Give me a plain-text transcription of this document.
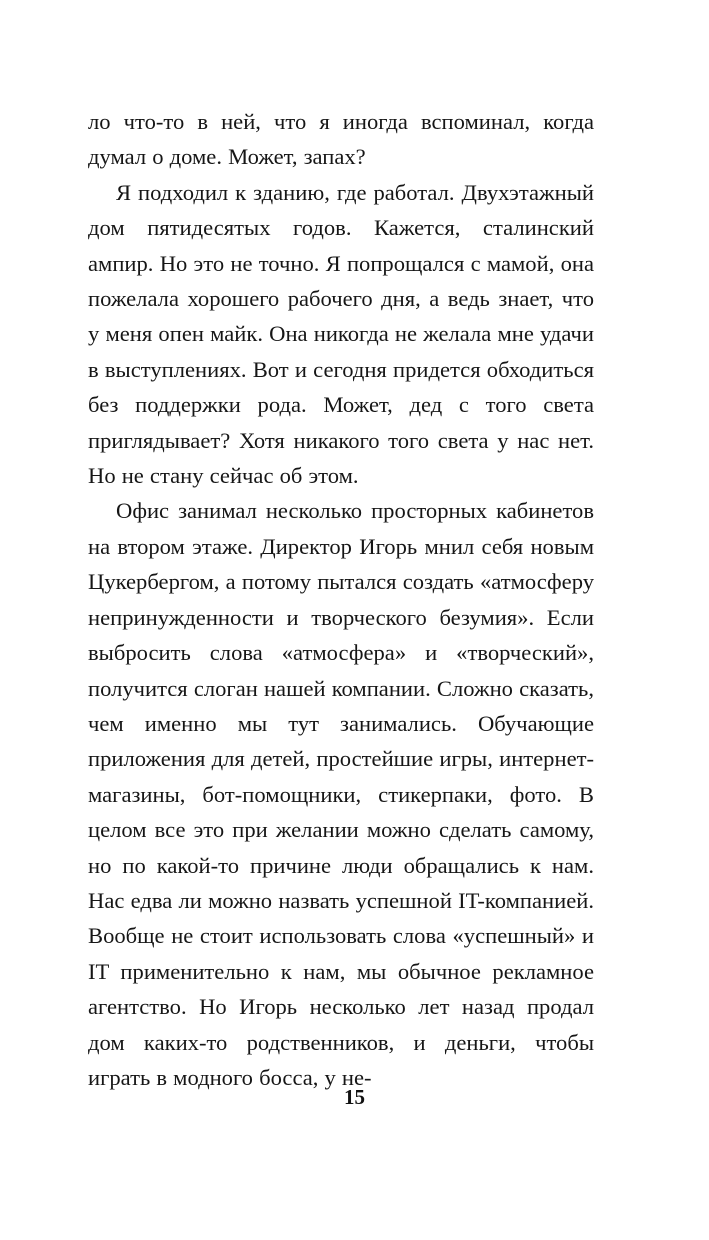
ло что-то в ней, что я иногда вспоминал, когда думал о доме. Может, запах?

Я подходил к зданию, где работал. Двухэтажный дом пятидесятых годов. Кажется, сталинский ампир. Но это не точно. Я попрощался с мамой, она пожелала хорошего рабочего дня, а ведь знает, что у меня опен майк. Она никогда не желала мне удачи в выступлениях. Вот и сегодня придется обходиться без поддержки рода. Может, дед с того света приглядывает? Хотя никакого того света у нас нет. Но не стану сейчас об этом.

Офис занимал несколько просторных кабинетов на втором этаже. Директор Игорь мнил себя новым Цукербергом, а потому пытался создать «атмосферу непринужденности и творческого безумия». Если выбросить слова «атмосфера» и «творческий», получится слоган нашей компании. Сложно сказать, чем именно мы тут занимались. Обучающие приложения для детей, простейшие игры, интернет-магазины, бот-помощники, стикерпаки, фото. В целом все это при желании можно сделать самому, но по какой-то причине люди обращались к нам. Нас едва ли можно назвать успешной IT-компанией. Вообще не стоит использовать слова «успешный» и IT применительно к нам, мы обычное рекламное агентство. Но Игорь несколько лет назад продал дом каких-то родственников, и деньги, чтобы играть в модного босса, у не-

15
